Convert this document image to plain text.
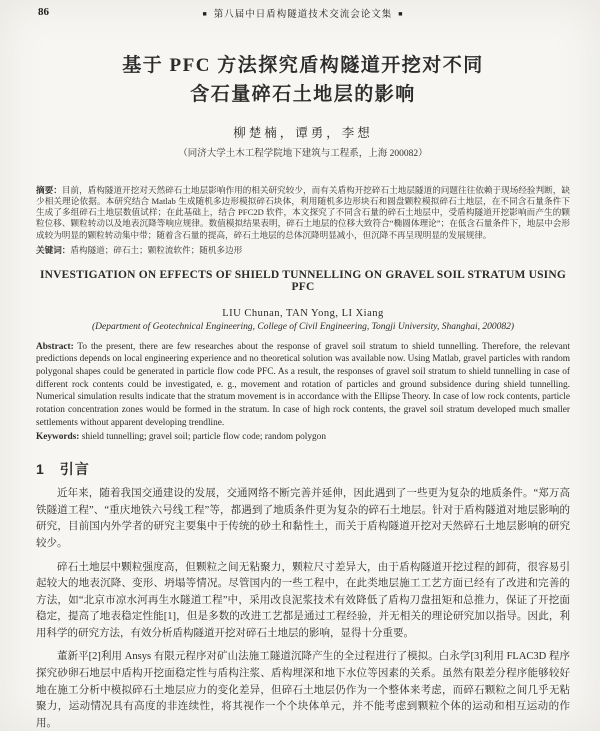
86	■ 第八届中日盾构隧道技术交流会论文集 ■
基于 PFC 方法探究盾构隧道开挖对不同
含石量碎石土地层的影响
柳楚楠，谭勇，李想
（同济大学土木工程学院地下建筑与工程系，上海 200082）
摘要：目前，盾构隧道开挖对天然碎石土地层影响作用的相关研究较少，而有关盾构开挖碎石土地层隧道的问题往往依赖于现场经验判断，缺少相关理论依据。本研究结合 Matlab 生成随机多边形模拟碎石块体，利用随机多边形块石和圆盘颗粒模拟碎石土地层，在不同含石量条件下生成了多组碎石土地层数值试样；在此基础上，结合 PFC2D 软件，本文探究了不同含石量的碎石土地层中，受盾构隧道开挖影响而产生的颗粒位移、颗粒转动以及地表沉降等响应规律。数值模拟结果表明，碎石土地层的位移大致符合“椭圆体理论”；在低含石量条件下，地层中会形成较为明显的颗粒转动集中带；随着含石量的提高，碎石土地层的总体沉降明显减小，但沉降不再呈现明显的发展规律。
关键词：盾构隧道；碎石土；颗粒流软件；随机多边形
INVESTIGATION ON EFFECTS OF SHIELD TUNNELLING ON GRAVEL SOIL STRATUM USING PFC
LIU Chunan, TAN Yong, LI Xiang
(Department of Geotechnical Engineering, College of Civil Engineering, Tongji University, Shanghai, 200082)
Abstract: To the present, there are few researches about the response of gravel soil stratum to shield tunnelling. Therefore, the relevant predictions depends on local engineering experience and no theoretical solution was available now. Using Matlab, gravel particles with random polygonal shapes could be generated in particle flow code PFC. As a result, the responses of gravel soil stratum to shield tunnelling in case of different rock contents could be investigated, e. g., movement and rotation of particles and ground subsidence during shield tunnelling. Numerical simulation results indicate that the stratum movement is in accordance with the Ellipse Theory. In case of low rock contents, particle rotation concentration zones would be formed in the stratum. In case of high rock contents, the gravel soil stratum developed much smaller settlements without apparent developing trendline.
Keywords: shield tunnelling; gravel soil; particle flow code; random polygon
1　引言

近年来，随着我国交通建设的发展，交通网络不断完善并延伸，因此遇到了一些更为复杂的地质条件。“郑万高铁隧道工程”、“重庆地铁六号线工程”等，都遇到了地质条件更为复杂的碎石土地层。针对于盾构隧道对地层影响的研究，目前国内外学者的研究主要集中于传统的砂土和黏性土，而关于盾构隧道开挖对天然碎石土地层影响的研究较少。

碎石土地层中颗粒强度高，但颗粒之间无粘聚力，颗粒尺寸差异大，由于盾构隧道开挖过程的卸荷，很容易引起较大的地表沉降、变形、坍塌等情况。尽管国内的一些工程中，在此类地层施工工艺方面已经有了改进和完善的方法，如“北京市凉水河再生水隧道工程”中，采用改良泥浆技术有效降低了盾构刀盘扭矩和总推力，保证了开挖面稳定，提高了地表稳定性能[1]，但是多数的改进工艺都是通过工程经验，并无相关的理论研究加以指导。因此，利用科学的研究方法，有效分析盾构隧道开挖对碎石土地层的影响，显得十分重要。

董新平[2]利用 Ansys 有限元程序对矿山法施工隧道沉降产生的全过程进行了模拟。白永学[3]利用 FLAC3D 程序探究砂卵石地层中盾构开挖面稳定性与盾构注浆、盾构埋深和地下水位等因素的关系。虽然有限差分程序能够较好地在施工分析中模拟碎石土地层应力的变化差异，但碎石土地层仍作为一个整体来考虑，而碎石颗粒之间几乎无粘聚力，运动情况具有高度的非连续性，将其视作一个个块体单元，并不能考虑到颗粒个体的运动和相互运动的作用。
